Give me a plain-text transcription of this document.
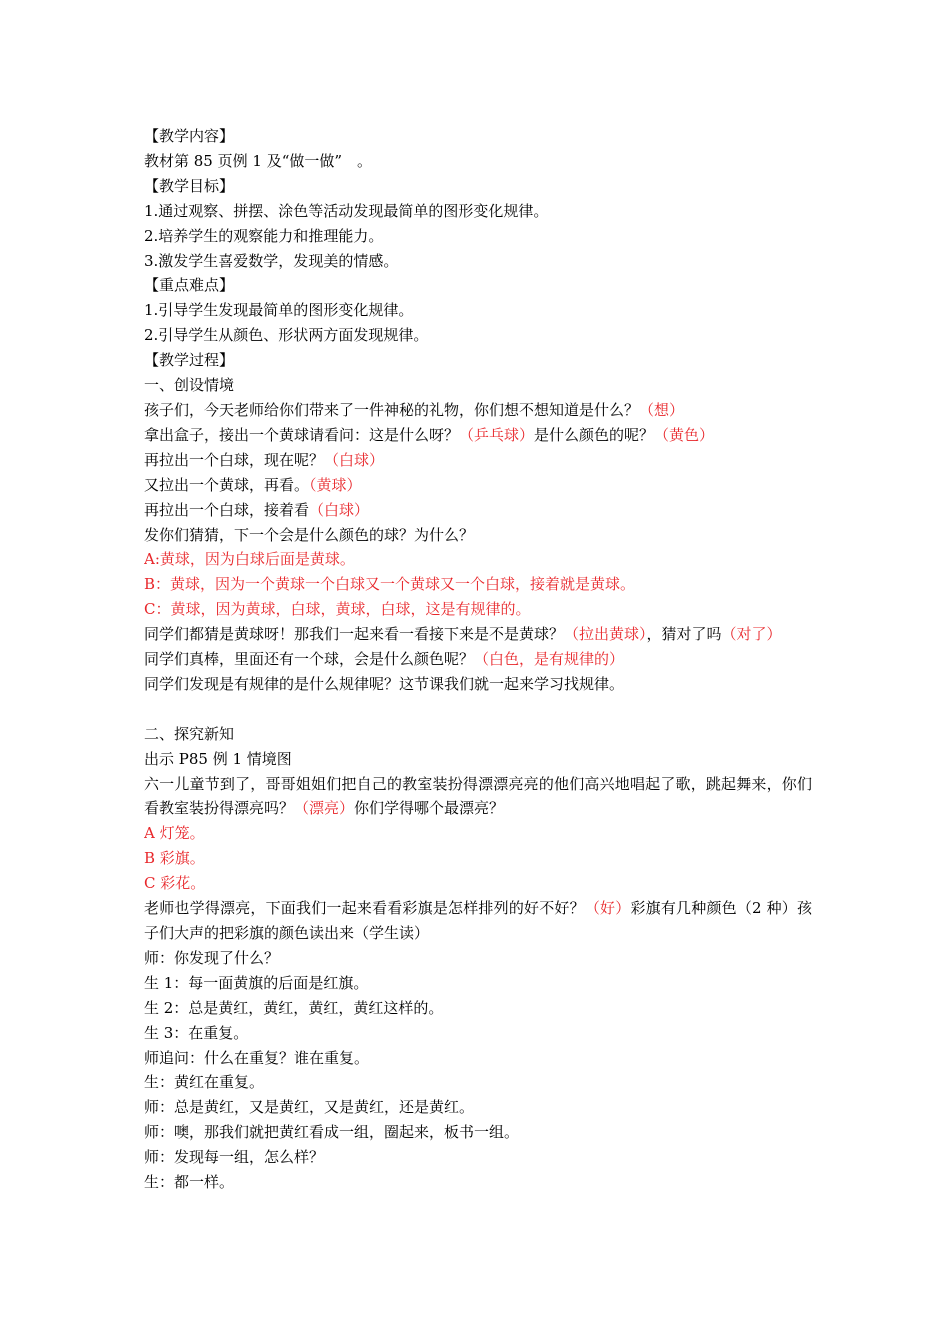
【教学内容】
教材第 85 页例 1 及“做一做”　。
【教学目标】
1.通过观察、拼摆、涂色等活动发现最简单的图形变化规律。
2.培养学生的观察能力和推理能力。
3.激发学生喜爱数学，发现美的情感。
【重点难点】
1.引导学生发现最简单的图形变化规律。
2.引导学生从颜色、形状两方面发现规律。
【教学过程】
一、创设情境
孩子们，今天老师给你们带来了一件神秘的礼物，你们想不想知道是什么？（想）
拿出盒子，接出一个黄球请看问：这是什么呀？（乒乓球）是什么颜色的呢？（黄色）
再拉出一个白球，现在呢？（白球）
又拉出一个黄球，再看。（黄球）
再拉出一个白球，接着看（白球）
发你们猜猜，下一个会是什么颜色的球？为什么？
A:黄球，因为白球后面是黄球。
B：黄球，因为一个黄球一个白球又一个黄球又一个白球，接着就是黄球。
C：黄球，因为黄球，白球，黄球，白球，这是有规律的。
同学们都猜是黄球呀！那我们一起来看一看接下来是不是黄球？（拉出黄球），猜对了吗（对了）
同学们真棒，里面还有一个球，会是什么颜色呢？（白色，是有规律的）
同学们发现是有规律的是什么规律呢？这节课我们就一起来学习找规律。
二、探究新知
出示 P85 例 1 情境图
六一儿童节到了，哥哥姐姐们把自己的教室装扮得漂漂亮亮的他们高兴地唱起了歌，跳起舞来，你们看教室装扮得漂亮吗？（漂亮）你们学得哪个最漂亮？
A 灯笼。
B 彩旗。
C 彩花。
老师也学得漂亮，下面我们一起来看看彩旗是怎样排列的好不好？（好）彩旗有几种颜色（2 种）孩子们大声的把彩旗的颜色读出来（学生读）
师：你发现了什么？
生 1：每一面黄旗的后面是红旗。
生 2：总是黄红，黄红，黄红，黄红这样的。
生 3：在重复。
师追问：什么在重复？谁在重复。
生：黄红在重复。
师：总是黄红，又是黄红，又是黄红，还是黄红。
师：噢，那我们就把黄红看成一组，圈起来，板书一组。
师：发现每一组，怎么样？
生：都一样。
